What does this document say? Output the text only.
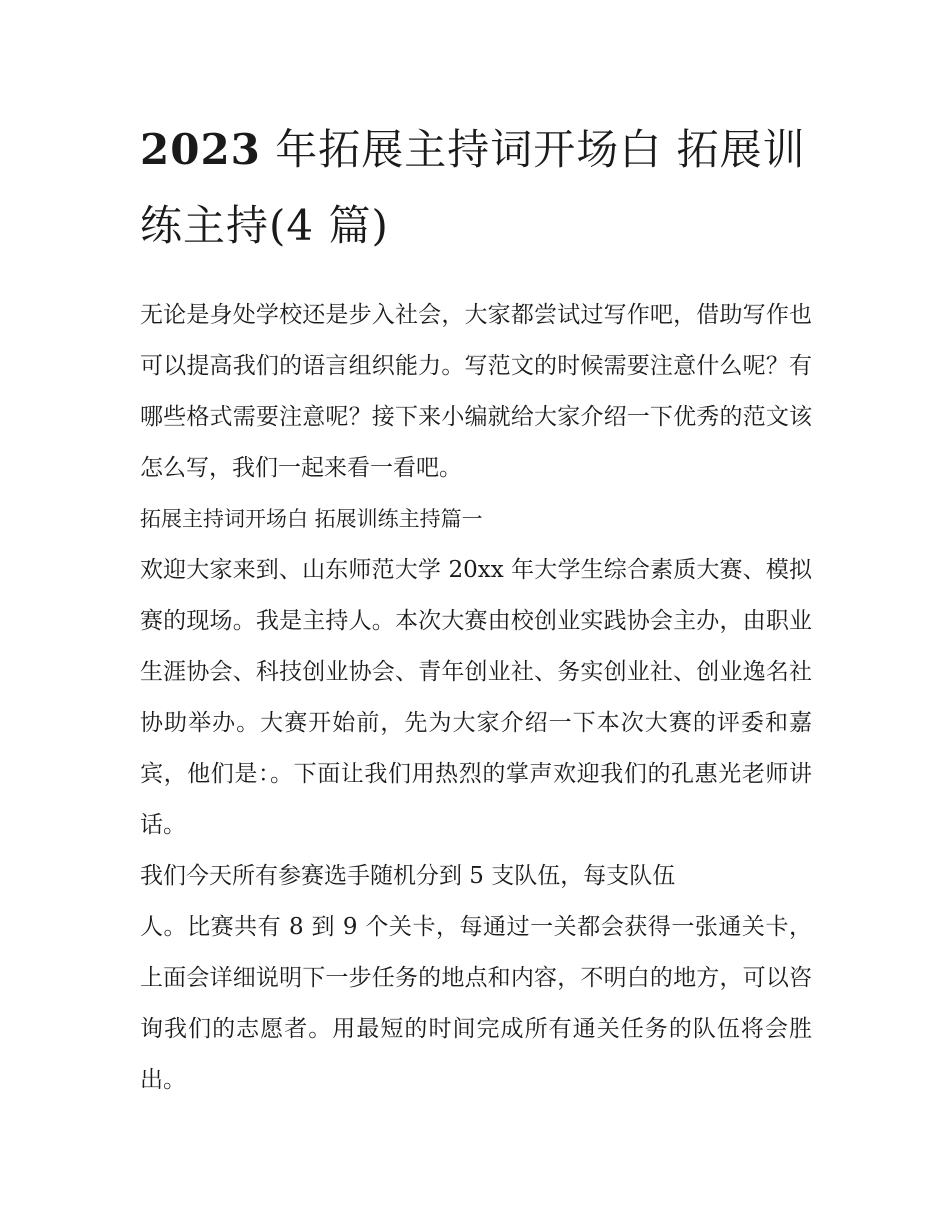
2023 年拓展主持词开场白 拓展训练主持(4 篇)

无论是身处学校还是步入社会，大家都尝试过写作吧，借助写作也可以提高我们的语言组织能力。写范文的时候需要注意什么呢？有哪些格式需要注意呢？接下来小编就给大家介绍一下优秀的范文该怎么写，我们一起来看一看吧。

拓展主持词开场白 拓展训练主持篇一

欢迎大家来到、山东师范大学 20xx 年大学生综合素质大赛、模拟赛的现场。我是主持人。本次大赛由校创业实践协会主办，由职业生涯协会、科技创业协会、青年创业社、务实创业社、创业逸名社协助举办。大赛开始前，先为大家介绍一下本次大赛的评委和嘉宾，他们是：。下面让我们用热烈的掌声欢迎我们的孔惠光老师讲话。

我们今天所有参赛选手随机分到 5 支队伍，每支队伍

人。比赛共有 8 到 9 个关卡，每通过一关都会获得一张通关卡，上面会详细说明下一步任务的地点和内容，不明白的地方，可以咨询我们的志愿者。用最短的时间完成所有通关任务的队伍将会胜出。
